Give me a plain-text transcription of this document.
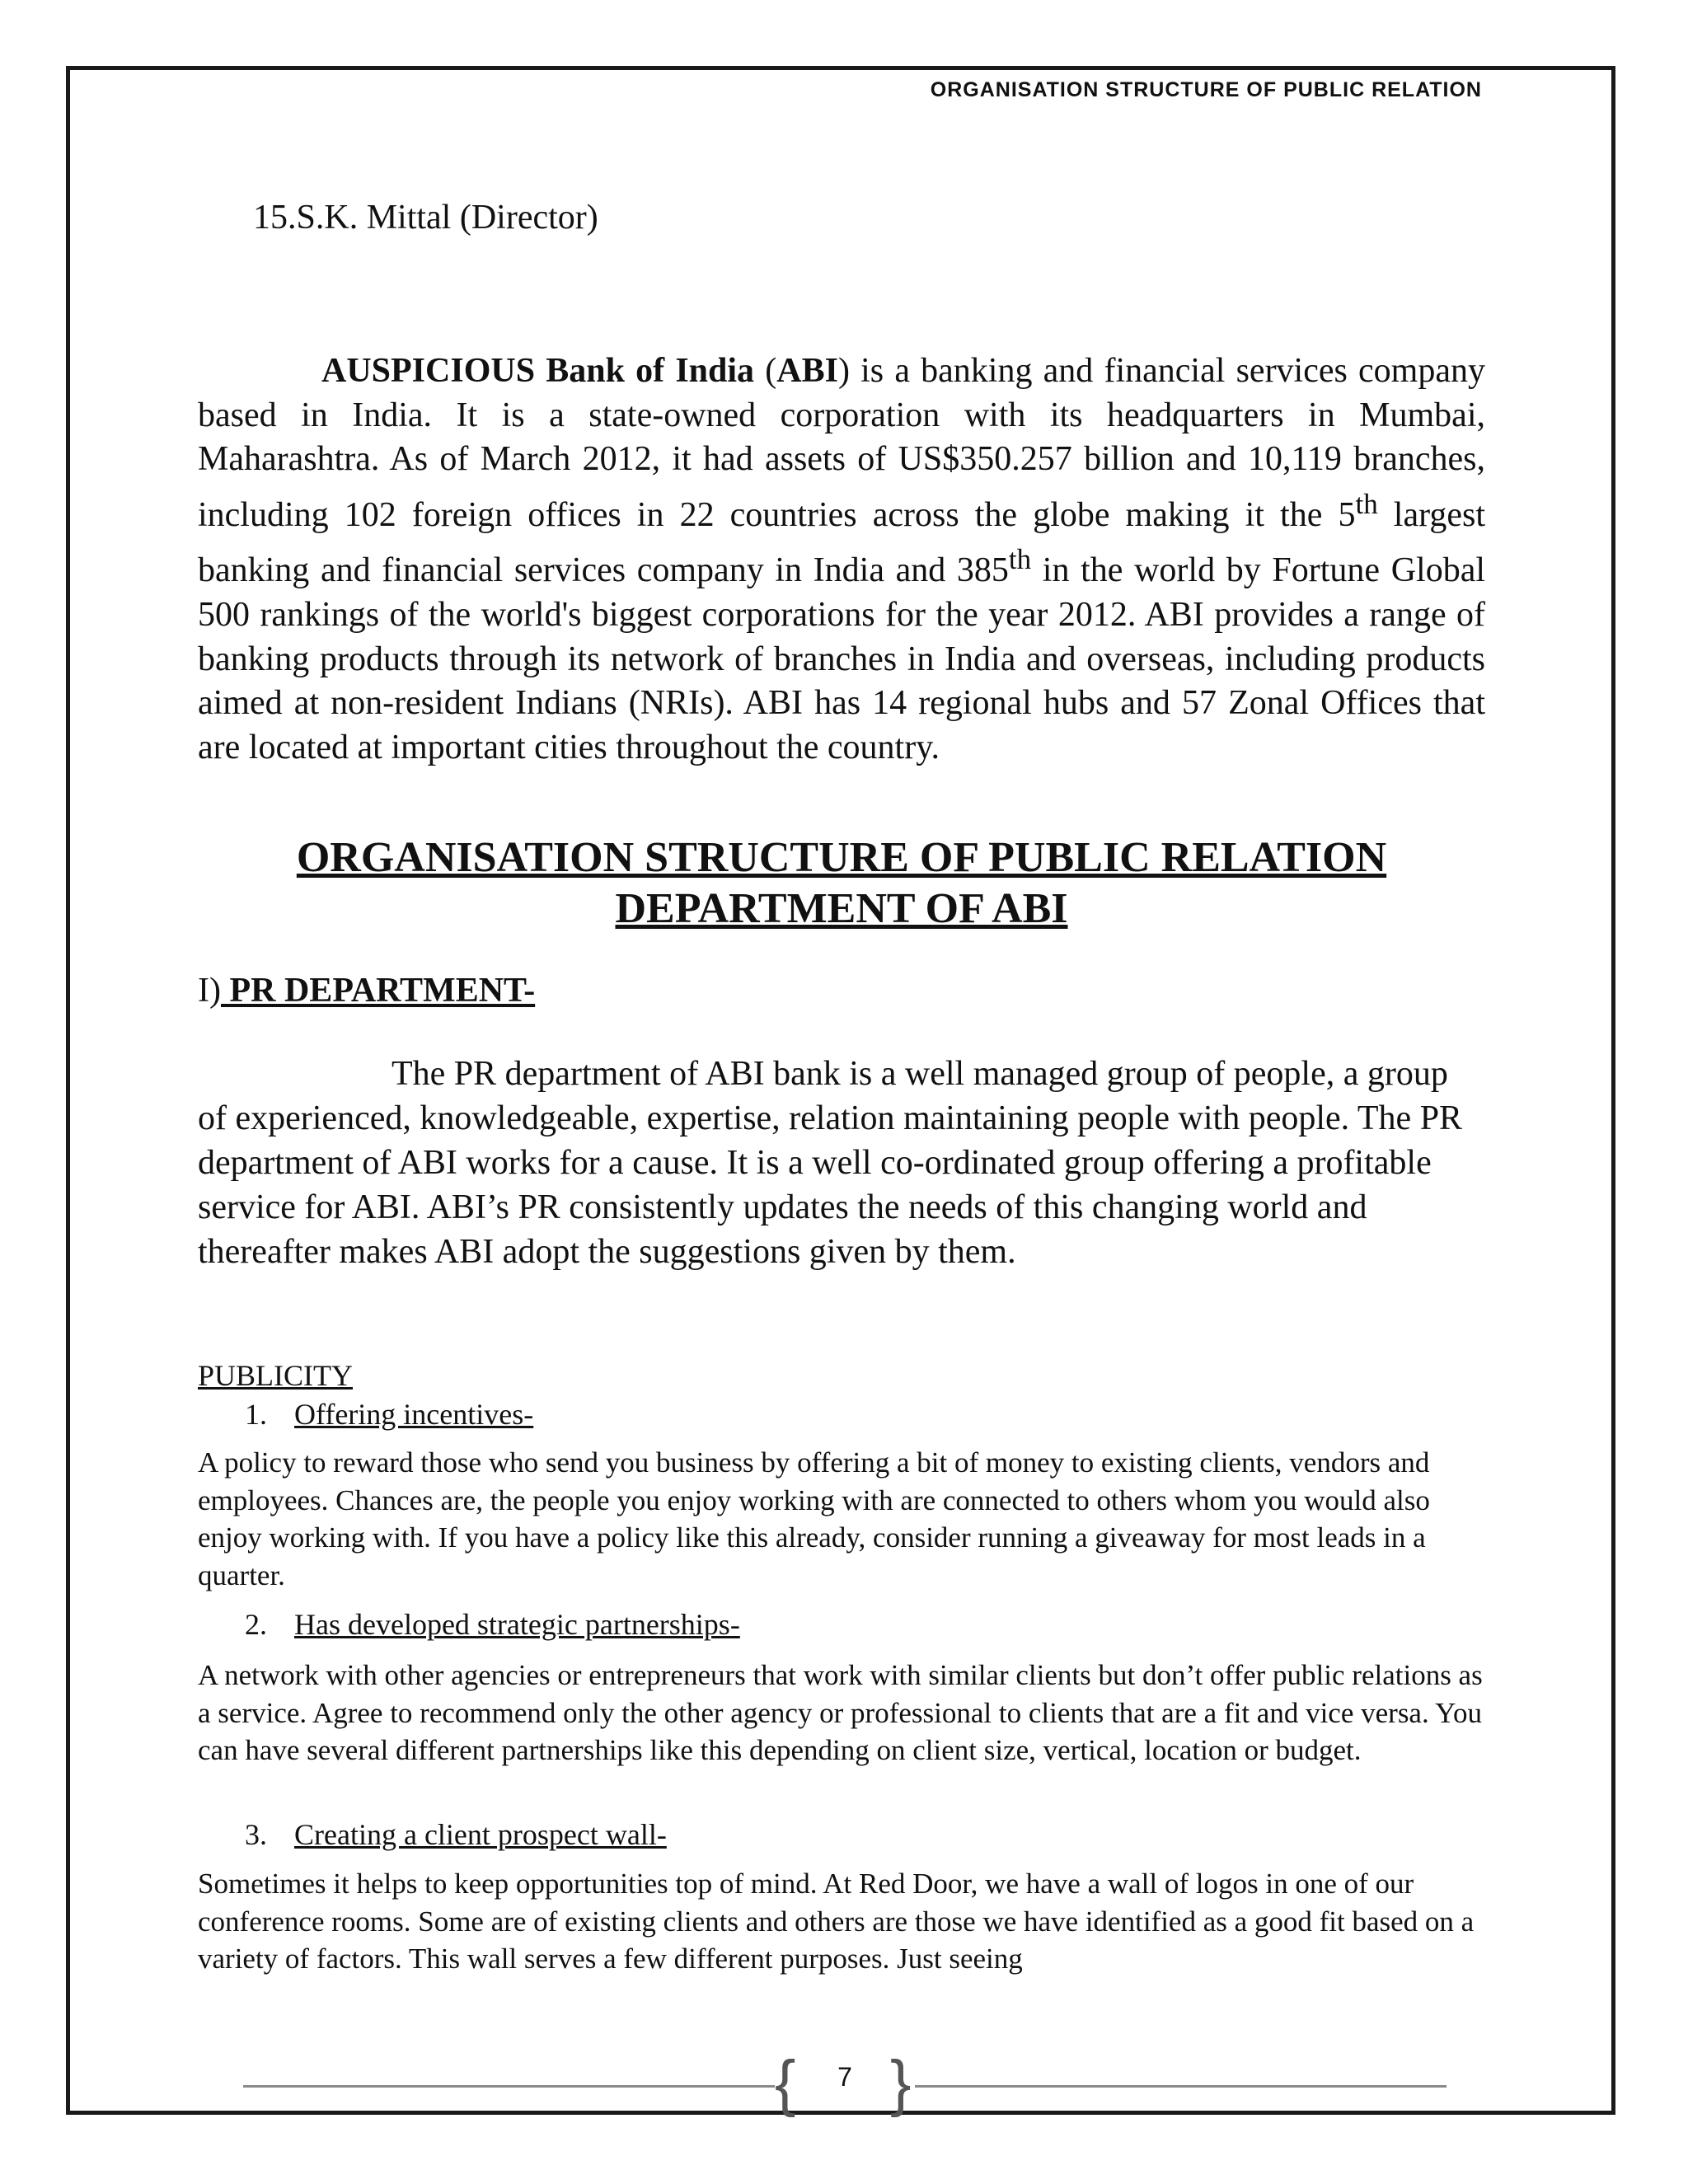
ORGANISATION STRUCTURE OF PUBLIC RELATION
15.S.K. Mittal (Director)

AUSPICIOUS Bank of India (ABI) is a banking and financial services company based in India. It is a state-owned corporation with its headquarters in Mumbai, Maharashtra. As of March 2012, it had assets of US$350.257 billion and 10,119 branches, including 102 foreign offices in 22 countries across the globe making it the 5th largest banking and financial services company in India and 385th in the world by Fortune Global 500 rankings of the world's biggest corporations for the year 2012. ABI provides a range of banking products through its network of branches in India and overseas, including products aimed at non-resident Indians (NRIs). ABI has 14 regional hubs and 57 Zonal Offices that are located at important cities throughout the country.

ORGANISATION STRUCTURE OF PUBLIC RELATION
DEPARTMENT OF ABI
I) PR DEPARTMENT-

The PR department of ABI bank is a well managed group of people, a group of experienced, knowledgeable, expertise, relation maintaining people with people. The PR department of ABI works for a cause. It is a well co-ordinated group offering a profitable service for ABI. ABI’s PR consistently updates the needs of this changing world and thereafter makes ABI adopt the suggestions given by them.

PUBLICITY
1. Offering incentives-

A policy to reward those who send you business by offering a bit of money to existing clients, vendors and employees. Chances are, the people you enjoy working with are connected to others whom you would also enjoy working with. If you have a policy like this already, consider running a giveaway for most leads in a quarter.

2. Has developed strategic partnerships-

A network with other agencies or entrepreneurs that work with similar clients but don’t offer public relations as a service. Agree to recommend only the other agency or professional to clients that are a fit and vice versa. You can have several different partnerships like this depending on client size, vertical, location or budget.

3. Creating a client prospect wall-

Sometimes it helps to keep opportunities top of mind. At Red Door, we have a wall of logos in one of our conference rooms. Some are of existing clients and others are those we have identified as a good fit based on a variety of factors. This wall serves a few different purposes. Just seeing

{	7 }
